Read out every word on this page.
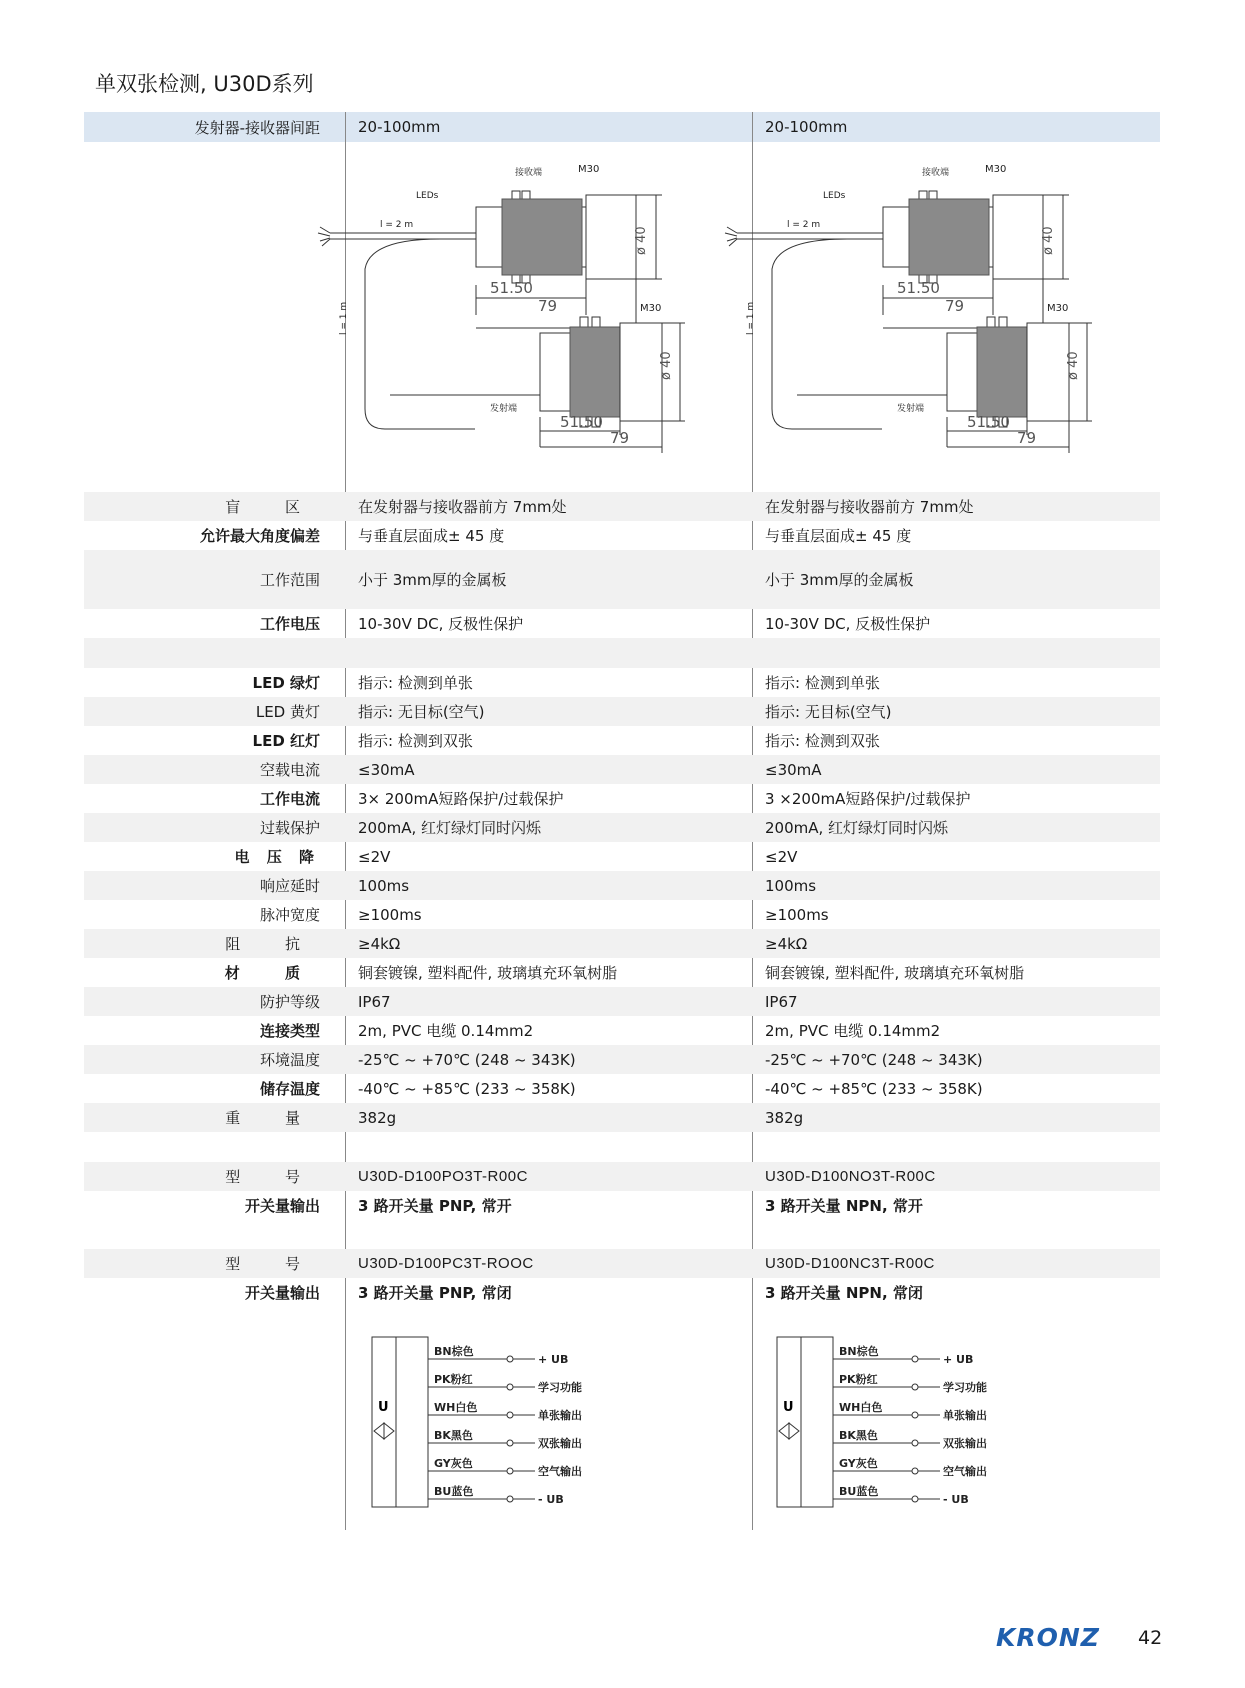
单双张检测, U30D系列
发射器-接收器间距	20-100mm	20-100mm
接收端	M30
LEDs
l = 2 m
51.50
79
ø 40
M30
l = 1 m
发射端
51.50
79
ø 40
接收端	M30
LEDs
l = 2 m
51.50
79
ø 40
M30
l = 1 m
发射端
51.50
79
ø 40
盲 区	在发射器与接收器前方 7mm处	在发射器与接收器前方 7mm处
允许最大角度偏差	与垂直层面成± 45 度	与垂直层面成± 45 度
工作范围	小于 3mm厚的金属板	小于 3mm厚的金属板
工作电压	10-30V DC, 反极性保护	10-30V DC, 反极性保护
LED 绿灯	指示: 检测到单张	指示: 检测到单张
LED 黄灯	指示: 无目标(空气)	指示: 无目标(空气)
LED 红灯	指示: 检测到双张	指示: 检测到双张
空载电流	≤30mA	≤30mA
工作电流	3× 200mA短路保护/过载保护	3 ×200mA短路保护/过载保护
过载保护	200mA, 红灯绿灯同时闪烁	200mA, 红灯绿灯同时闪烁
电 压 降	≤2V	≤2V
响应延时	100ms	100ms
脉冲宽度	≥100ms	≥100ms
阻 抗	≥4kΩ	≥4kΩ
材 质	铜套镀镍, 塑料配件, 玻璃填充环氧树脂	铜套镀镍, 塑料配件, 玻璃填充环氧树脂
防护等级	IP67	IP67
连接类型	2m, PVC 电缆 0.14mm2	2m, PVC 电缆 0.14mm2
环境温度	-25℃ ~ +70℃ (248 ~ 343K)	-25℃ ~ +70℃ (248 ~ 343K)
储存温度	-40℃ ~ +85℃ (233 ~ 358K)	-40℃ ~ +85℃ (233 ~ 358K)
重 量	382g	382g
型 号	U30D-D100PO3T-R00C	U30D-D100NO3T-R00C
开关量输出	3 路开关量 PNP, 常开	3 路开关量 NPN, 常开
型 号	U30D-D100PC3T-ROOC	U30D-D100NC3T-R00C
开关量输出	3 路开关量 PNP, 常闭	3 路开关量 NPN, 常闭
U
BN棕色
PK粉红
WH白色
BK黑色
GY灰色
BU蓝色
+ UB
学习功能
单张输出
双张输出
空气输出
- UB
U
BN棕色
PK粉红
WH白色
BK黑色
GY灰色
BU蓝色
+ UB
学习功能
单张输出
双张输出
空气输出
- UB
KRONZ 42
